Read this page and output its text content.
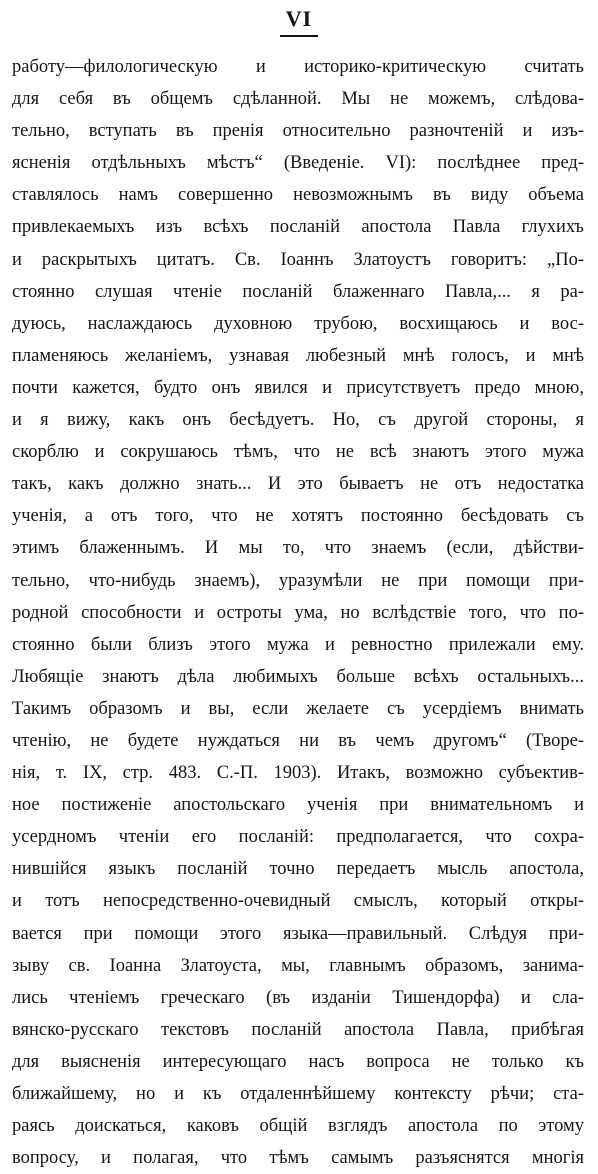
VI
работу—филологическую и историко-критическую считать
для себя въ общемъ сдѣланной. Мы не можемъ, слѣдова-
тельно, вступать въ пренія относительно разночтеній и изъ-
ясненія отдѣльныхъ мѣстъ“ (Введеніе. VI): послѣднее пред-
ставлялось намъ совершенно невозможнымъ въ виду объема
привлекаемыхъ изъ всѣхъ посланій апостола Павла глухихъ
и раскрытыхъ цитатъ. Св. Іоаннъ Златоустъ говоритъ: „По-
стоянно слушая чтеніе посланій блаженнаго Павла,... я ра-
дуюсь, наслаждаюсь духовною трубою, восхищаюсь и вос-
пламеняюсь желаніемъ, узнавая любезный мнѣ голосъ, и мнѣ
почти кажется, будто онъ явился и присутствуетъ предо мною,
и я вижу, какъ онъ бесѣдуетъ. Но, съ другой стороны, я
скорблю и сокрушаюсь тѣмъ, что не всѣ знаютъ этого мужа
такъ, какъ должно знать... И это бываетъ не отъ недостатка
ученія, а отъ того, что не хотятъ постоянно бесѣдовать съ
этимъ блаженнымъ. И мы то, что знаемъ (если, дѣйстви-
тельно, что-нибудь знаемъ), уразумѣли не при помощи при-
родной способности и остроты ума, но вслѣдствіе того, что по-
стоянно были близъ этого мужа и ревностно прилежали ему.
Любящіе знаютъ дѣла любимыхъ больше всѣхъ остальныхъ...
Такимъ образомъ и вы, если желаете съ усердіемъ внимать
чтенію, не будете нуждаться ни въ чемъ другомъ“ (Творе-
нія, т. IX, стр. 483. С.-П. 1903). Итакъ, возможно субъектив-
ное постиженіе апостольскаго ученія при внимательномъ и
усердномъ чтеніи его посланій: предполагается, что сохра-
нившійся языкъ посланій точно передаетъ мысль апостола,
и тотъ непосредственно-очевидный смыслъ, который откры-
вается при помощи этого языка—правильный. Слѣдуя при-
зыву св. Іоанна Златоуста, мы, главнымъ образомъ, занима-
лись чтеніемъ греческаго (въ изданіи Тишендорфа) и сла-
вянско-русскаго текстовъ посланій апостола Павла, прибѣгая
для выясненія интересующаго насъ вопроса не только къ
ближайшему, но и къ отдаленнѣйшему контексту рѣчи; ста-
раясь доискаться, каковъ общій взглядъ апостола по этому
вопросу, и полагая, что тѣмъ самымъ разъяснятся многія
